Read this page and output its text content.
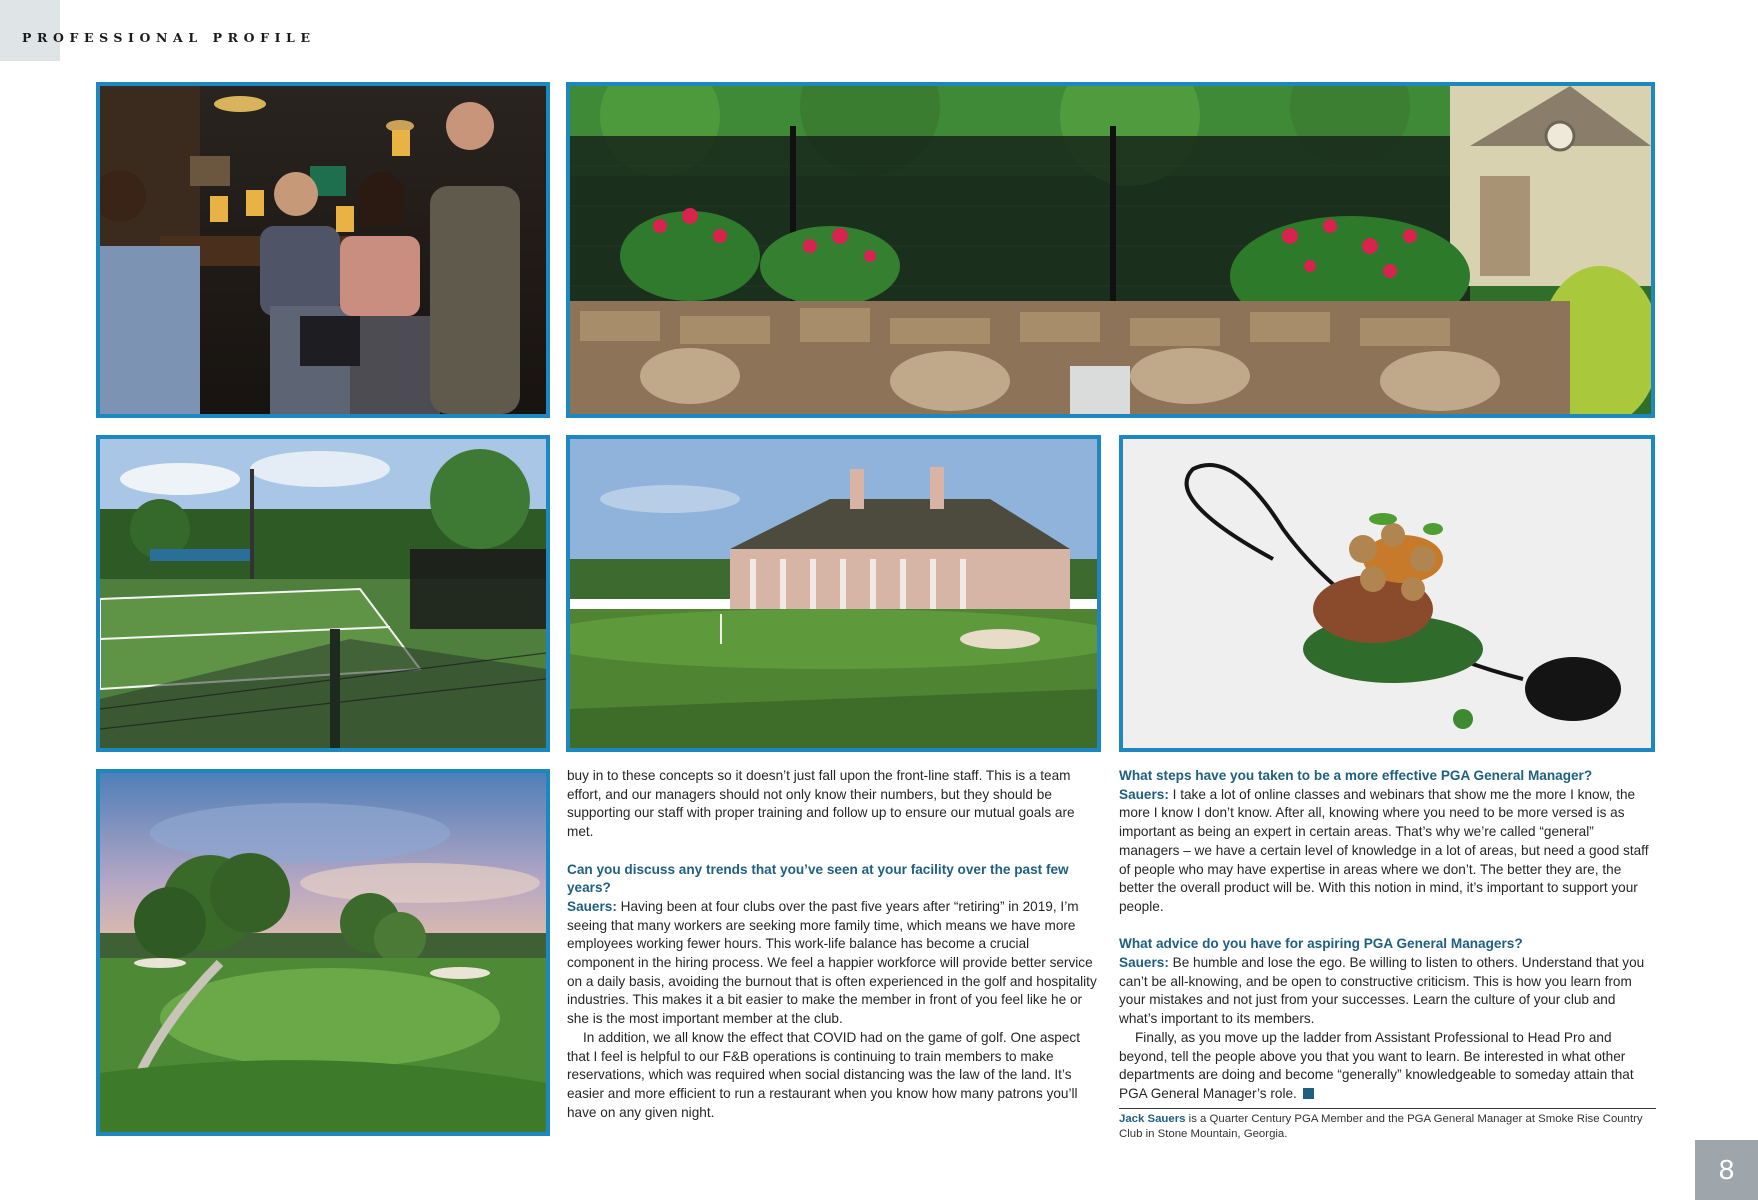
PROFESSIONAL PROFILE

buy in to these concepts so it doesn’t just fall upon the front-line staff. This is a team effort, and our managers should not only know their numbers, but they should be supporting our staff with proper training and follow up to ensure our mutual goals are met.

Can you discuss any trends that you’ve seen at your facility over the past few years?

Sauers: Having been at four clubs over the past five years after “retiring” in 2019, I’m seeing that many workers are seeking more family time, which means we have more employees working fewer hours. This work-life balance has become a crucial component in the hiring process. We feel a happier workforce will provide better service on a daily basis, avoiding the burnout that is often experienced in the golf and hospitality industries. This makes it a bit easier to make the member in front of you feel like he or she is the most important member at the club.

In addition, we all know the effect that COVID had on the game of golf. One aspect that I feel is helpful to our F&B operations is continuing to train members to make reservations, which was required when social distancing was the law of the land. It’s easier and more efficient to run a restaurant when you know how many patrons you’ll have on any given night.

What steps have you taken to be a more effective PGA General Manager?

Sauers: I take a lot of online classes and webinars that show me the more I know, the more I know I don’t know. After all, knowing where you need to be more versed is as important as being an expert in certain areas. That’s why we’re called “general” managers – we have a certain level of knowledge in a lot of areas, but need a good staff of people who may have expertise in areas where we don’t. The better they are, the better the overall product will be. With this notion in mind, it’s important to support your people.

What advice do you have for aspiring PGA General Managers?

Sauers: Be humble and lose the ego. Be willing to listen to others. Understand that you can’t be all-knowing, and be open to constructive criticism. This is how you learn from your mistakes and not just from your successes. Learn the culture of your club and what’s important to its members.

Finally, as you move up the ladder from Assistant Professional to Head Pro and beyond, tell the people above you that you want to learn. Be interested in what other departments are doing and become “generally” knowledgeable to someday attain that PGA General Manager’s role.

Jack Sauers is a Quarter Century PGA Member and the PGA General Manager at Smoke Rise Country Club in Stone Mountain, Georgia.
8
